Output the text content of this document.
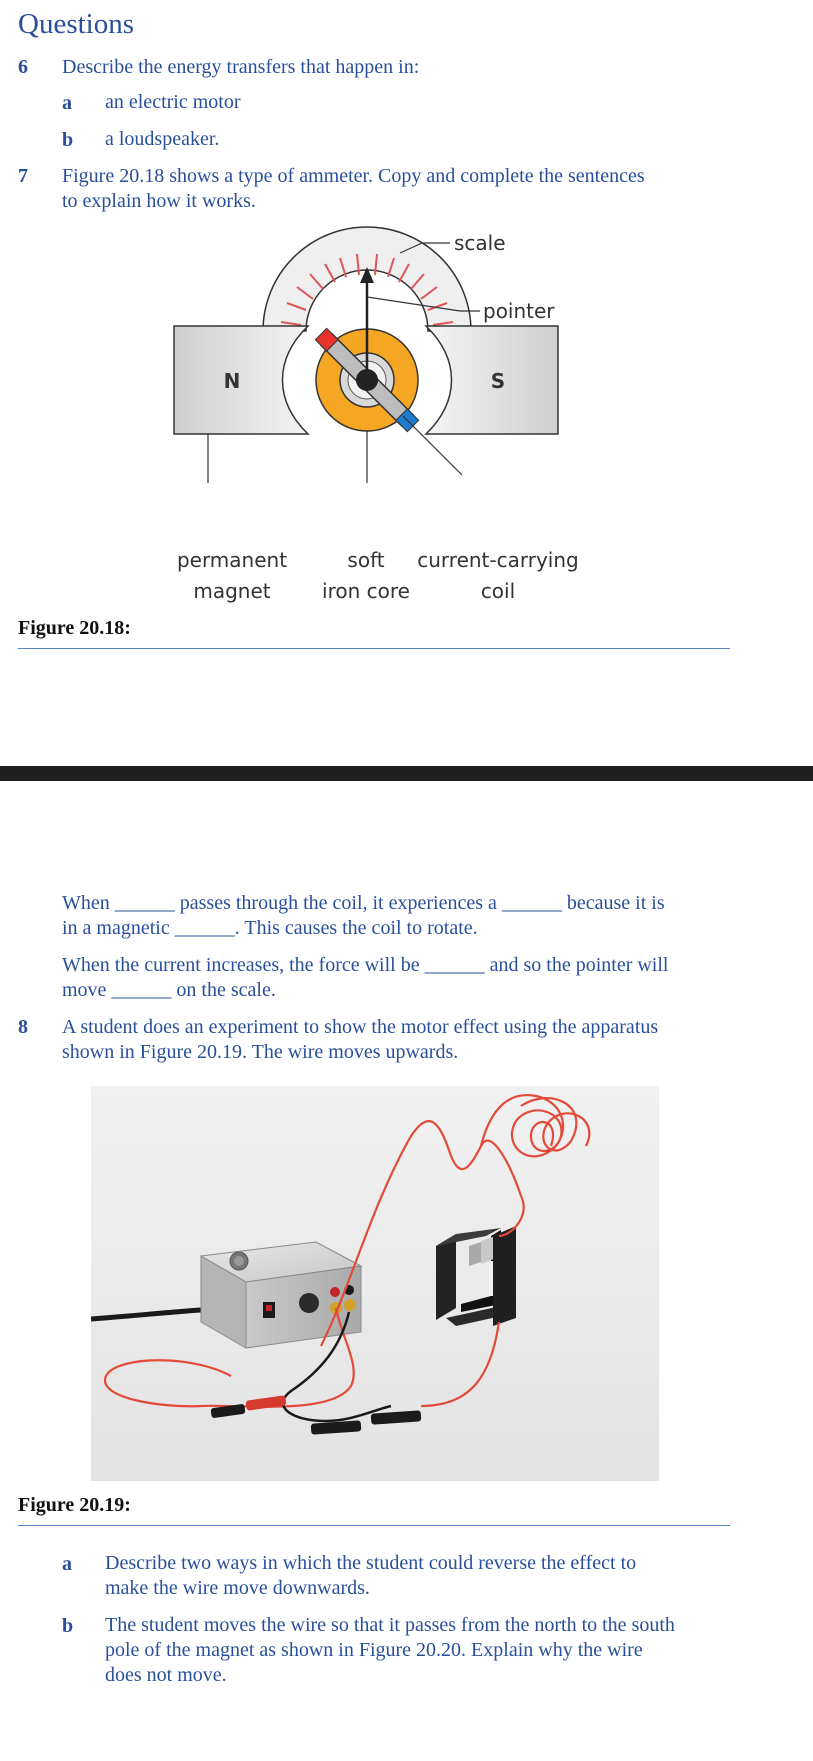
Questions
6 Describe the energy transfers that happen in:
a an electric motor
b a loudspeaker.
7 Figure 20.18 shows a type of ammeter. Copy and complete the sentences
to explain how it works.
scale
pointer
N	S
permanent
magnet
soft
iron core
current-carrying
coil
Figure 20.18:
When ______ passes through the coil, it experiences a ______ because it is
in a magnetic ______. This causes the coil to rotate.
When the current increases, the force will be ______ and so the pointer will
move ______ on the scale.
8 A student does an experiment to show the motor effect using the apparatus
shown in Figure 20.19. The wire moves upwards.
Figure 20.19:
a Describe two ways in which the student could reverse the effect to
make the wire move downwards.
b The student moves the wire so that it passes from the north to the south
pole of the magnet as shown in Figure 20.20. Explain why the wire
does not move.
